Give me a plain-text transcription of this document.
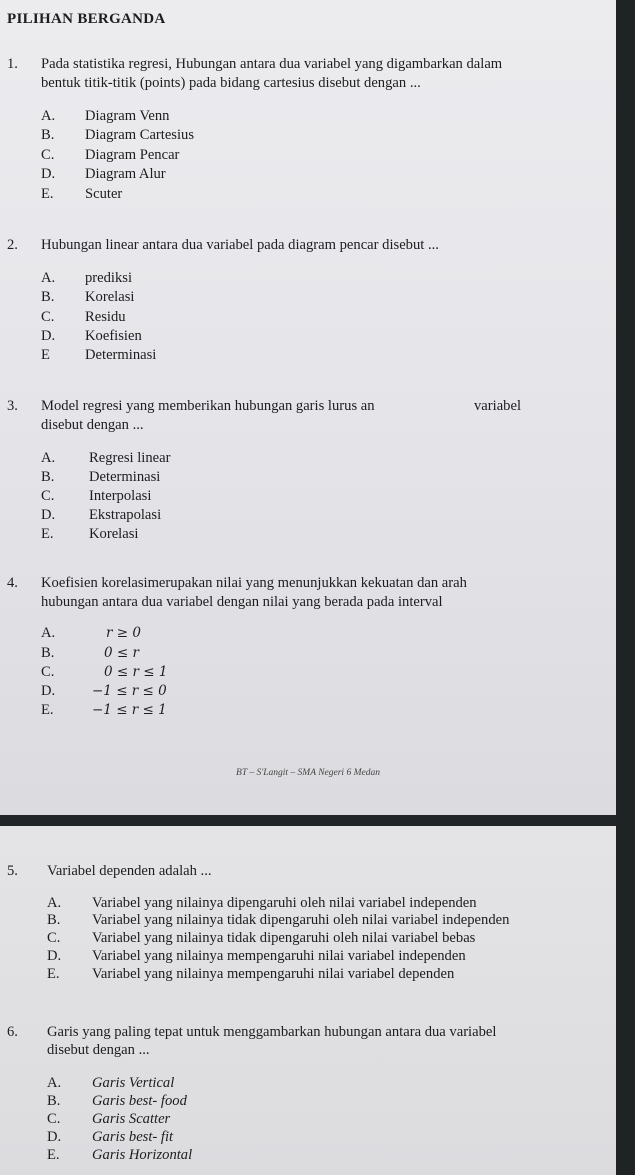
PILIHAN BERGANDA
1. Pada statistika regresi, Hubungan antara dua variabel yang digambarkan dalam
bentuk titik-titik (points) pada bidang cartesius disebut dengan ...
A. Diagram Venn
B. Diagram Cartesius
C. Diagram Pencar
D. Diagram Alur
E. Scuter
2. Hubungan linear antara dua variabel pada diagram pencar disebut ...
A. prediksi
B. Korelasi
C. Residu
D. Koefisien
E Determinasi
3. Model regresi yang memberikan hubungan garis lurus an	variabel
disebut dengan ...
A. Regresi linear
B. Determinasi
C. Interpolasi
D. Ekstrapolasi
E. Korelasi
4. Koefisien korelasimerupakan nilai yang menunjukkan kekuatan dan arah
hubungan antara dua variabel dengan nilai yang berada pada interval
A.	r ≥ 0
B.	0 ≤ r
C.	0 ≤ r ≤ 1
D.	−1 ≤ r ≤ 0
E.	−1 ≤ r ≤ 1
BT – S'Langit – SMA Negeri 6 Medan
5. Variabel dependen adalah ...
A. Variabel yang nilainya dipengaruhi oleh nilai variabel independen
B. Variabel yang nilainya tidak dipengaruhi oleh nilai variabel independen
C. Variabel yang nilainya tidak dipengaruhi oleh nilai variabel bebas
D. Variabel yang nilainya mempengaruhi nilai variabel independen
E. Variabel yang nilainya mempengaruhi nilai variabel dependen
6. Garis yang paling tepat untuk menggambarkan hubungan antara dua variabel
disebut dengan ...
A. Garis Vertical
B. Garis best- food
C. Garis Scatter
D. Garis best- fit
E. Garis Horizontal
